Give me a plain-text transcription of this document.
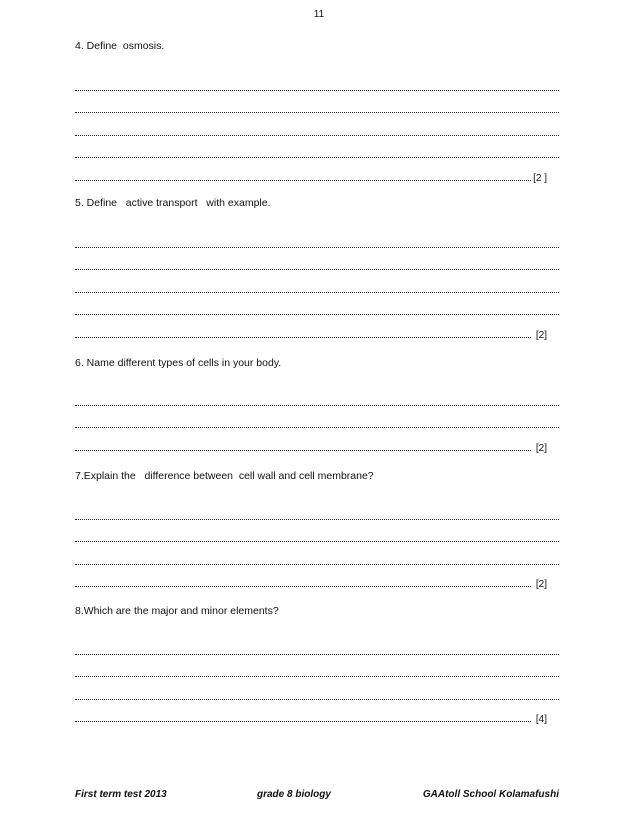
11
4. Define  osmosis.
[2 ]
5. Define   active transport   with example.
[2]
6. Name different types of cells in your body.
[2]
7.Explain the   difference between  cell wall and cell membrane?
[2]
8.Which are the major and minor elements?
[4]
First term test 2013	grade 8 biology	GAAtoll School Kolamafushi
